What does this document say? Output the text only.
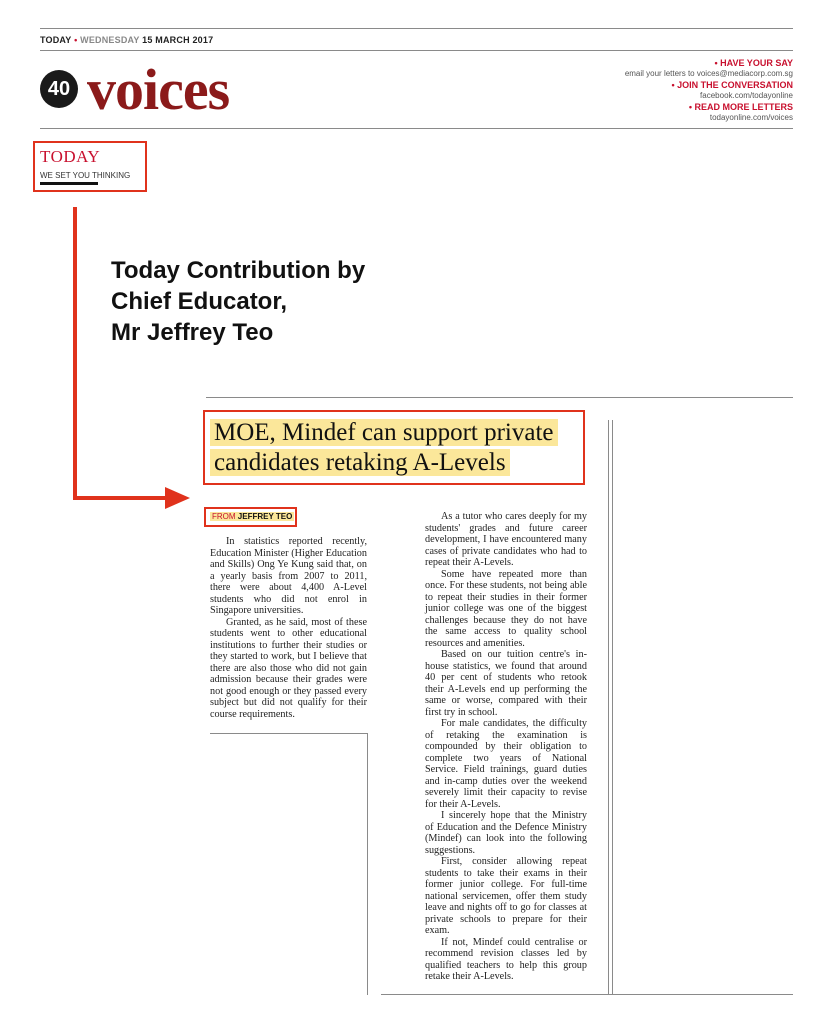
TODAY • WEDNESDAY 15 MARCH 2017
40 voices	• HAVE YOUR SAY
email your letters to voices@mediacorp.com.sg
• JOIN THE CONVERSATION
facebook.com/todayonline
• READ MORE LETTERS
todayonline.com/voices
TODAY
WE SET YOU THINKING
Today Contribution by
Chief Educator,
Mr Jeffrey Teo
MOE, Mindef can support private
candidates retaking A-Levels
FROM JEFFREY TEO

In statistics reported recently, Education Minister (Higher Education and Skills) Ong Ye Kung said that, on a yearly basis from 2007 to 2011, there were about 4,400 A-Level students who did not enrol in Singapore universities.

Granted, as he said, most of these students went to other educational institutions to further their studies or they started to work, but I believe that there are also those who did not gain admission because their grades were not good enough or they passed every subject but did not qualify for their course requirements.

As a tutor who cares deeply for my students' grades and future career development, I have encountered many cases of private candidates who had to repeat their A-Levels.

Some have repeated more than once. For these students, not being able to repeat their studies in their former junior college was one of the biggest challenges because they do not have the same access to quality school resources and amenities.

Based on our tuition centre's in-house statistics, we found that around 40 per cent of students who retook their A-Levels end up performing the same or worse, compared with their first try in school.

For male candidates, the difficulty of retaking the examination is compounded by their obligation to complete two years of National Service. Field trainings, guard duties and in-camp duties over the weekend severely limit their capacity to revise for their A-Levels.

I sincerely hope that the Ministry of Education and the Defence Ministry (Mindef) can look into the following suggestions.

First, consider allowing repeat students to take their exams in their former junior college. For full-time national servicemen, offer them study leave and nights off to go for classes at private schools to prepare for their exam.

If not, Mindef could centralise or recommend revision classes led by qualified teachers to help this group retake their A-Levels.
